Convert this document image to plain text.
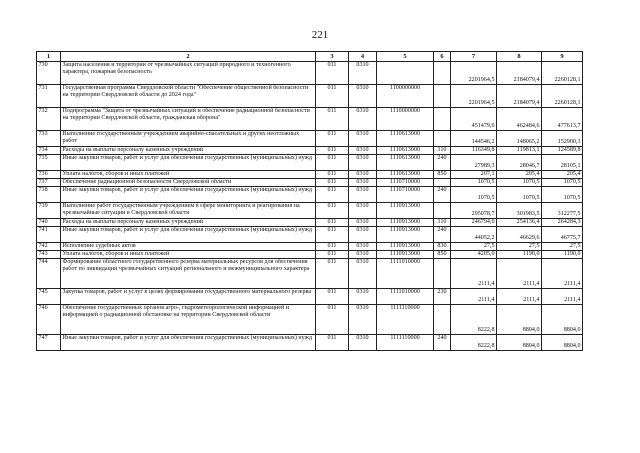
221
1	2	3	4	5	6	7	8	9
730	Защита населения и территории от чрезвычайных ситуаций природного и техногенного характера, пожарная безопасность	011	0310			2201964,5	2184079,4	2260128,1
731	Государственная программа Свердловской области "Обеспечение общественной безопасности на территории Свердловской области до 2024 года"	011	0310	1100000000		2201964,5	2184079,4	2260128,1
732	Подпрограмма "Защита от чрезвычайных ситуаций и обеспечение радиационной безопасности на территории Свердловской области, гражданская оборона"	011	0310	1110000000		451479,6	462484,6	477613,7
733	Выполнение государственным учреждением аварийно-спасательных и других неотложных работ	011	0310	1110613000		144546,2	148065,2	152900,3
734	Расходы на выплаты персоналу казенных учреждений	011	0310	1110613000	110	116349,8	119813,1	124589,8
735	Иные закупки товаров, работ и услуг для обеспечения государственных (муниципальных) нужд	011	0310	1110613000	240	27989,3	28046,7	28105,1
736	Уплата налогов, сборов и иных платежей	011	0310	1110613000	850	207,1	205,4	205,4
737	Обеспечение радиационной безопасности Свердловской области	011	0310	1110710000		1070,5	1070,5	1070,5
738	Иные закупки товаров, работ и услуг для обеспечения государственных (муниципальных) нужд	011	0310	1110710000	240	1070,5	1070,5	1070,5
739	Выполнение работ государственным учреждением в сфере мониторинга и реагирования на чрезвычайные ситуации в Свердловской области	011	0310	1110913000		295078,7	301983,5	312277,5
740	Расходы на выплаты персоналу казенных учреждений	011	0310	1110913000	110	246794,0	254136,4	264284,3
741	Иные закупки товаров, работ и услуг для обеспечения государственных (муниципальных) нужд	011	0310	1110913000	240	44052,2	46629,6	46775,7
742	Исполнение судебных актов	011	0310	1110913000	830	27,5	27,5	27,5
743	Уплата налогов, сборов и иных платежей	011	0310	1110913000	850	4205,0	1190,0	1190,0
744	Формирование областного государственного резерва материальных ресурсов для обеспечения работ по ликвидации чрезвычайных ситуаций регионального и межмуниципального характера	011	0310	1111010000		2111,4	2111,4	2111,4
745	Закупка товаров, работ и услуг в целях формирования государственного материального резерва	011	0310	1111010000	230	2111,4	2111,4	2111,4
746	Обеспечение государственных органов агро-, гидрометеорологической информацией и информацией о радиационной обстановке на территории Свердловской области	011	0310	1111110000		8222,8	8804,0	8804,0
747	Иные закупки товаров, работ и услуг для обеспечения государственных (муниципальных) нужд	011	0310	1111110000	240	8222,8	8804,0	8804,0
